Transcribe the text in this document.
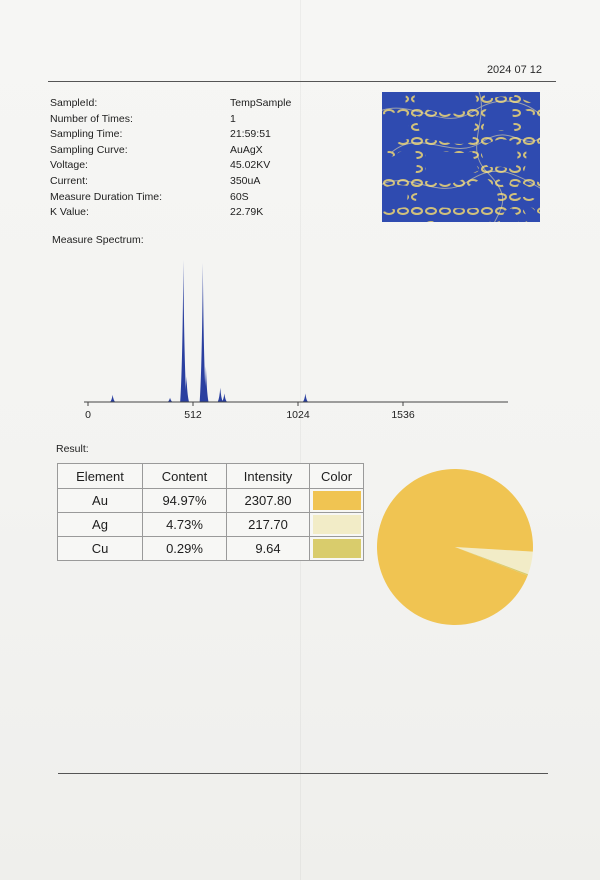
2024 07 12
SampleId:	TempSample
Number of Times:	1
Sampling Time:	21:59:51
Sampling Curve:	AuAgX
Voltage:	45.02KV
Current:	350uA
Measure Duration Time:	60S
K Value:	22.79K
Measure Spectrum:
0	512	1024	1536
Result:
Element	Content	Intensity	Color
Au	94.97%	2307.80	

Ag	4.73%	217.70	

Cu	0.29%	9.64	
